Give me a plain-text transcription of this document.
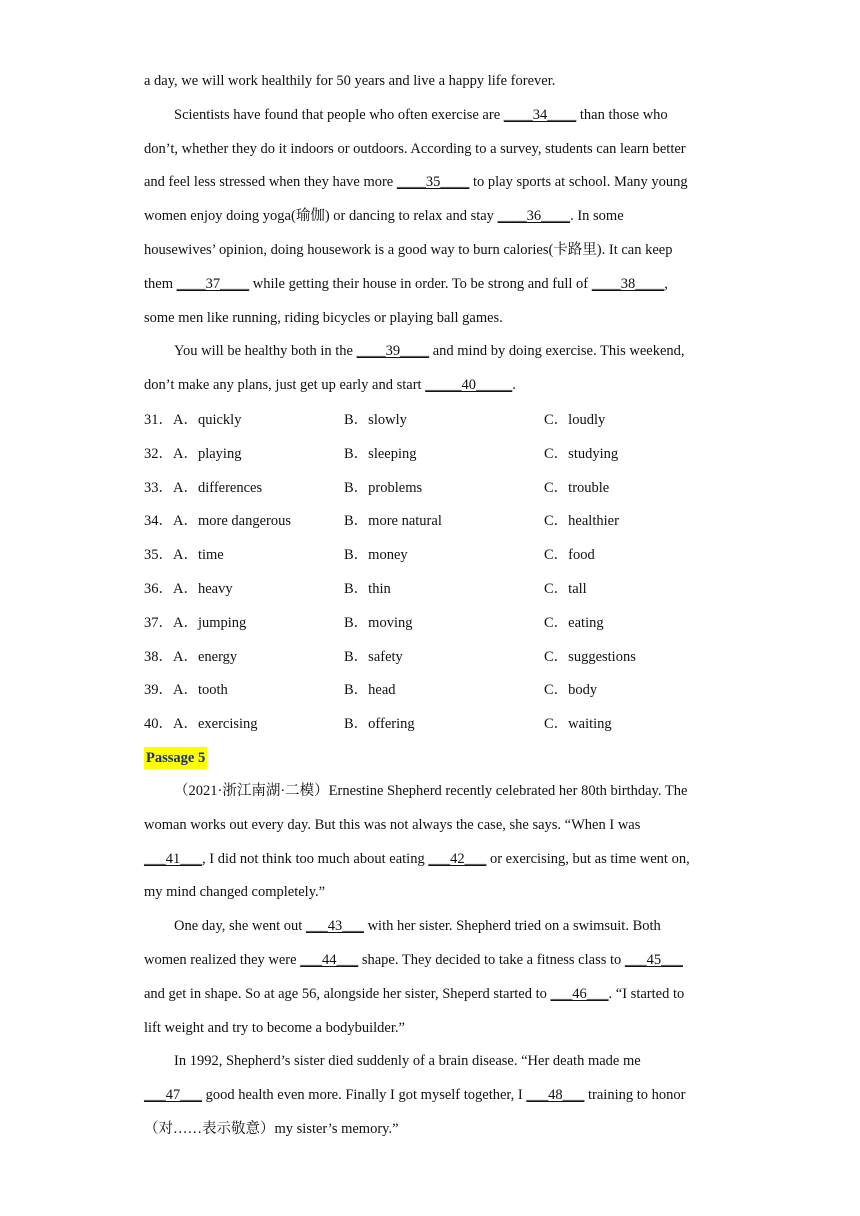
a day, we will work healthily for 50 years and live a happy life forever.
Scientists have found that people who often exercise are ____34____ than those who
don’t, whether they do it indoors or outdoors. According to a survey, students can learn better
and feel less stressed when they have more ____35____ to play sports at school. Many young
women enjoy doing yoga(瑜伽) or dancing to relax and stay ____36____. In some
housewives’ opinion, doing housework is a good way to burn calories(卡路里). It can keep
them ____37____ while getting their house in order. To be strong and full of ____38____,
some men like running, riding bicycles or playing ball games.
You will be healthy both in the ____39____ and mind by doing exercise. This weekend,
don’t make any plans, just get up early and start _____40_____.
31．A．quickly	B．slowly	C．loudly
32．A．playing	B．sleeping	C．studying
33．A．differences	B．problems	C．trouble
34．A．more dangerous	B．more natural	C．healthier
35．A．time	B．money	C．food
36．A．heavy	B．thin	C．tall
37．A．jumping	B．moving	C．eating
38．A．energy	B．safety	C．suggestions
39．A．tooth	B．head	C．body
40．A．exercising	B．offering	C．waiting
Passage 5
（2021·浙江南湖·二模）Ernestine Shepherd recently celebrated her 80th birthday. The
woman works out every day. But this was not always the case, she says. “When I was
___41___, I did not think too much about eating ___42___ or exercising, but as time went on,
my mind changed completely.”
One day, she went out ___43___ with her sister. Shepherd tried on a swimsuit. Both
women realized they were ___44___ shape. They decided to take a fitness class to ___45___
and get in shape. So at age 56, alongside her sister, Sheperd started to ___46___. “I started to
lift weight and try to become a bodybuilder.”
In 1992, Shepherd’s sister died suddenly of a brain disease. “Her death made me
___47___ good health even more. Finally I got myself together, I ___48___ training to honor
（对……表示敬意）my sister’s memory.”
